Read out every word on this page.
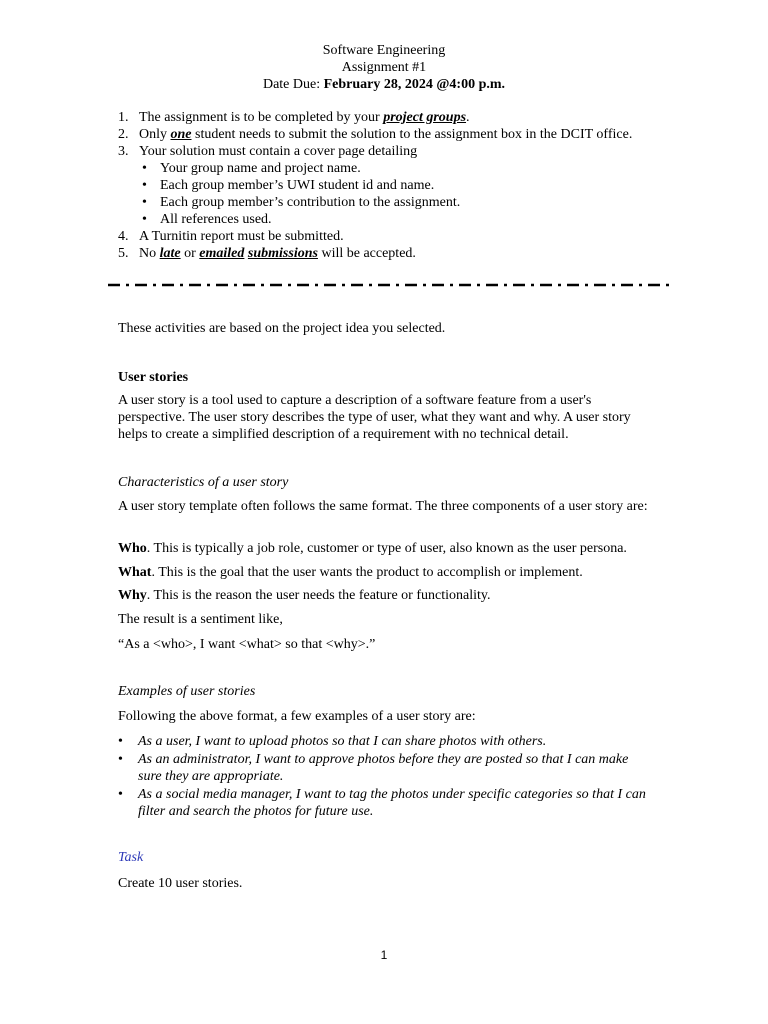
Software Engineering
Assignment #1
Date Due: February 28, 2024 @4:00 p.m.
1. The assignment is to be completed by your project groups.
2. Only one student needs to submit the solution to the assignment box in the DCIT office.
3. Your solution must contain a cover page detailing
• Your group name and project name.
• Each group member’s UWI student id and name.
• Each group member’s contribution to the assignment.
• All references used.
4. A Turnitin report must be submitted.
5. No late or emailed submissions will be accepted.

These activities are based on the project idea you selected.

User stories

A user story is a tool used to capture a description of a software feature from a user's perspective. The user story describes the type of user, what they want and why. A user story helps to create a simplified description of a requirement with no technical detail.

Characteristics of a user story

A user story template often follows the same format. The three components of a user story are:

Who. This is typically a job role, customer or type of user, also known as the user persona.

What. This is the goal that the user wants the product to accomplish or implement.

Why. This is the reason the user needs the feature or functionality.

The result is a sentiment like,

“As a <who>, I want <what> so that <why>.”

Examples of user stories

Following the above format, a few examples of a user story are:

• As a user, I want to upload photos so that I can share photos with others.
• As an administrator, I want to approve photos before they are posted so that I can make sure they are appropriate.
• As a social media manager, I want to tag the photos under specific categories so that I can filter and search the photos for future use.

Task

Create 10 user stories.

1
